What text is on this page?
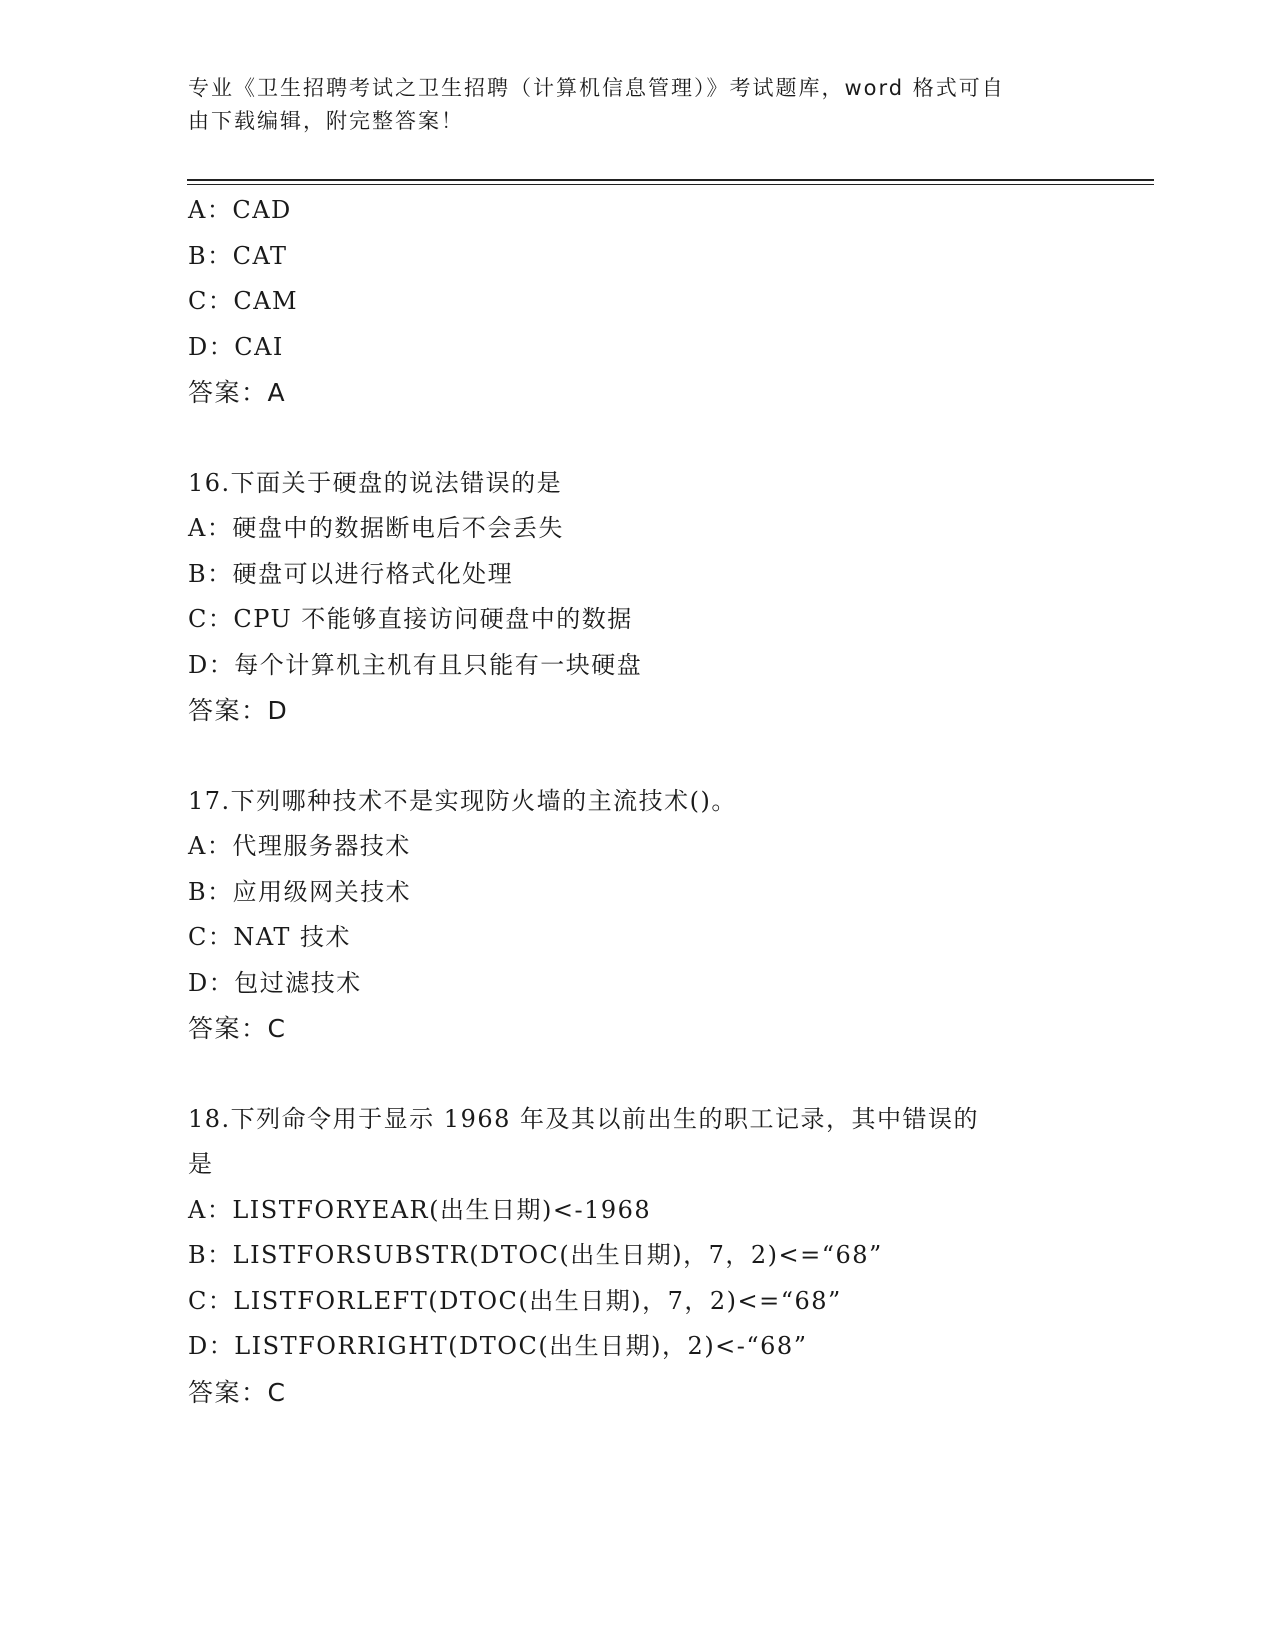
专业《卫生招聘考试之卫生招聘（计算机信息管理）》考试题库，word 格式可自
由下载编辑，附完整答案！
A：CAD
B：CAT
C：CAM
D：CAI
答案：A
16.下面关于硬盘的说法错误的是
A：硬盘中的数据断电后不会丢失
B：硬盘可以进行格式化处理
C：CPU 不能够直接访问硬盘中的数据
D：每个计算机主机有且只能有一块硬盘
答案：D
17.下列哪种技术不是实现防火墙的主流技术()。
A：代理服务器技术
B：应用级网关技术
C：NAT 技术
D：包过滤技术
答案：C
18.下列命令用于显示 1968 年及其以前出生的职工记录，其中错误的
是
A：LISTFORYEAR(出生日期)<-1968
B：LISTFORSUBSTR(DTOC(出生日期)，7，2)<=“68”
C：LISTFORLEFT(DTOC(出生日期)，7，2)<=“68”
D：LISTFORRIGHT(DTOC(出生日期)，2)<-“68”
答案：C
